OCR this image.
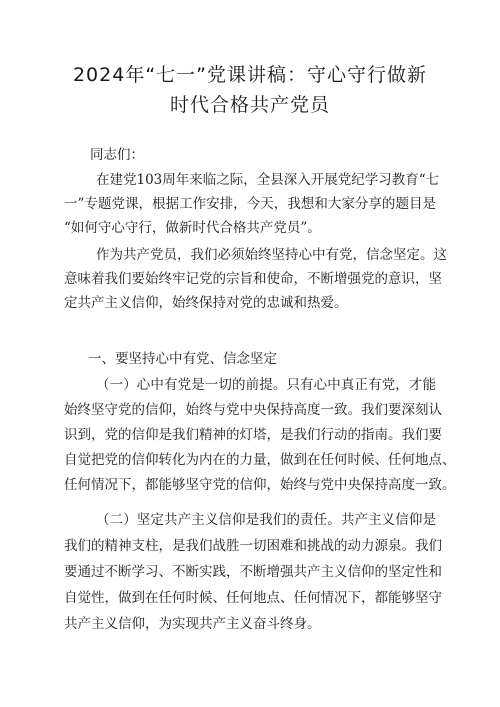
2024年“七一”党课讲稿：守心守行做新
时代合格共产党员
同志们：
在建党103周年来临之际，全县深入开展党纪学习教育“七
一”专题党课，根据工作安排，今天，我想和大家分享的题目是
“如何守心守行，做新时代合格共产党员”。
作为共产党员，我们必须始终坚持心中有党，信念坚定。这
意味着我们要始终牢记党的宗旨和使命，不断增强党的意识，坚
定共产主义信仰，始终保持对党的忠诚和热爱。
一、要坚持心中有党、信念坚定
（一）心中有党是一切的前提。只有心中真正有党，才能
始终坚守党的信仰，始终与党中央保持高度一致。我们要深刻认
识到，党的信仰是我们精神的灯塔，是我们行动的指南。我们要
自觉把党的信仰转化为内在的力量，做到在任何时候、任何地点、
任何情况下，都能够坚守党的信仰，始终与党中央保持高度一致。
（二）坚定共产主义信仰是我们的责任。共产主义信仰是
我们的精神支柱，是我们战胜一切困难和挑战的动力源泉。我们
要通过不断学习、不断实践，不断增强共产主义信仰的坚定性和
自觉性，做到在任何时候、任何地点、任何情况下，都能够坚守
共产主义信仰，为实现共产主义奋斗终身。
